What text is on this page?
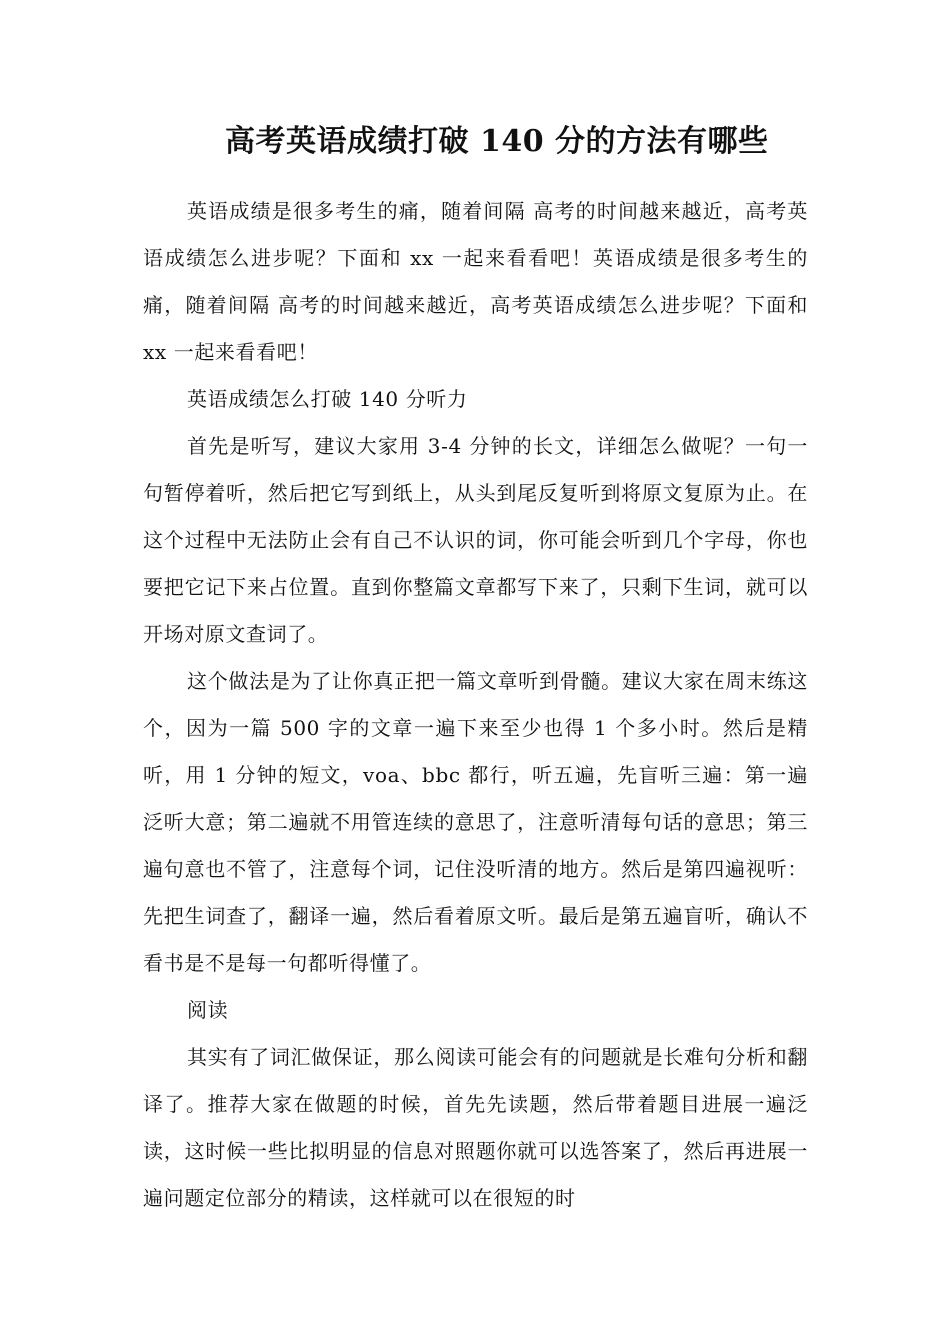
高考英语成绩打破 140 分的方法有哪些

英语成绩是很多考生的痛，随着间隔 高考的时间越来越近，高考英语成绩怎么进步呢？下面和 xx 一起来看看吧！英语成绩是很多考生的痛，随着间隔 高考的时间越来越近，高考英语成绩怎么进步呢？下面和 xx 一起来看看吧！

英语成绩怎么打破 140 分听力

首先是听写，建议大家用 3-4 分钟的长文，详细怎么做呢？一句一句暂停着听，然后把它写到纸上，从头到尾反复听到将原文复原为止。在这个过程中无法防止会有自己不认识的词，你可能会听到几个字母，你也要把它记下来占位置。直到你整篇文章都写下来了，只剩下生词，就可以开场对原文查词了。

这个做法是为了让你真正把一篇文章听到骨髓。建议大家在周末练这个，因为一篇 500 字的文章一遍下来至少也得 1 个多小时。然后是精听，用 1 分钟的短文，voa、bbc 都行，听五遍，先盲听三遍：第一遍泛听大意；第二遍就不用管连续的意思了，注意听清每句话的意思；第三遍句意也不管了，注意每个词，记住没听清的地方。然后是第四遍视听：先把生词查了，翻译一遍，然后看着原文听。最后是第五遍盲听，确认不看书是不是每一句都听得懂了。

阅读

其实有了词汇做保证，那么阅读可能会有的问题就是长难句分析和翻译了。推荐大家在做题的时候，首先先读题，然后带着题目进展一遍泛读，这时候一些比拟明显的信息对照题你就可以选答案了，然后再进展一遍问题定位部分的精读，这样就可以在很短的时
